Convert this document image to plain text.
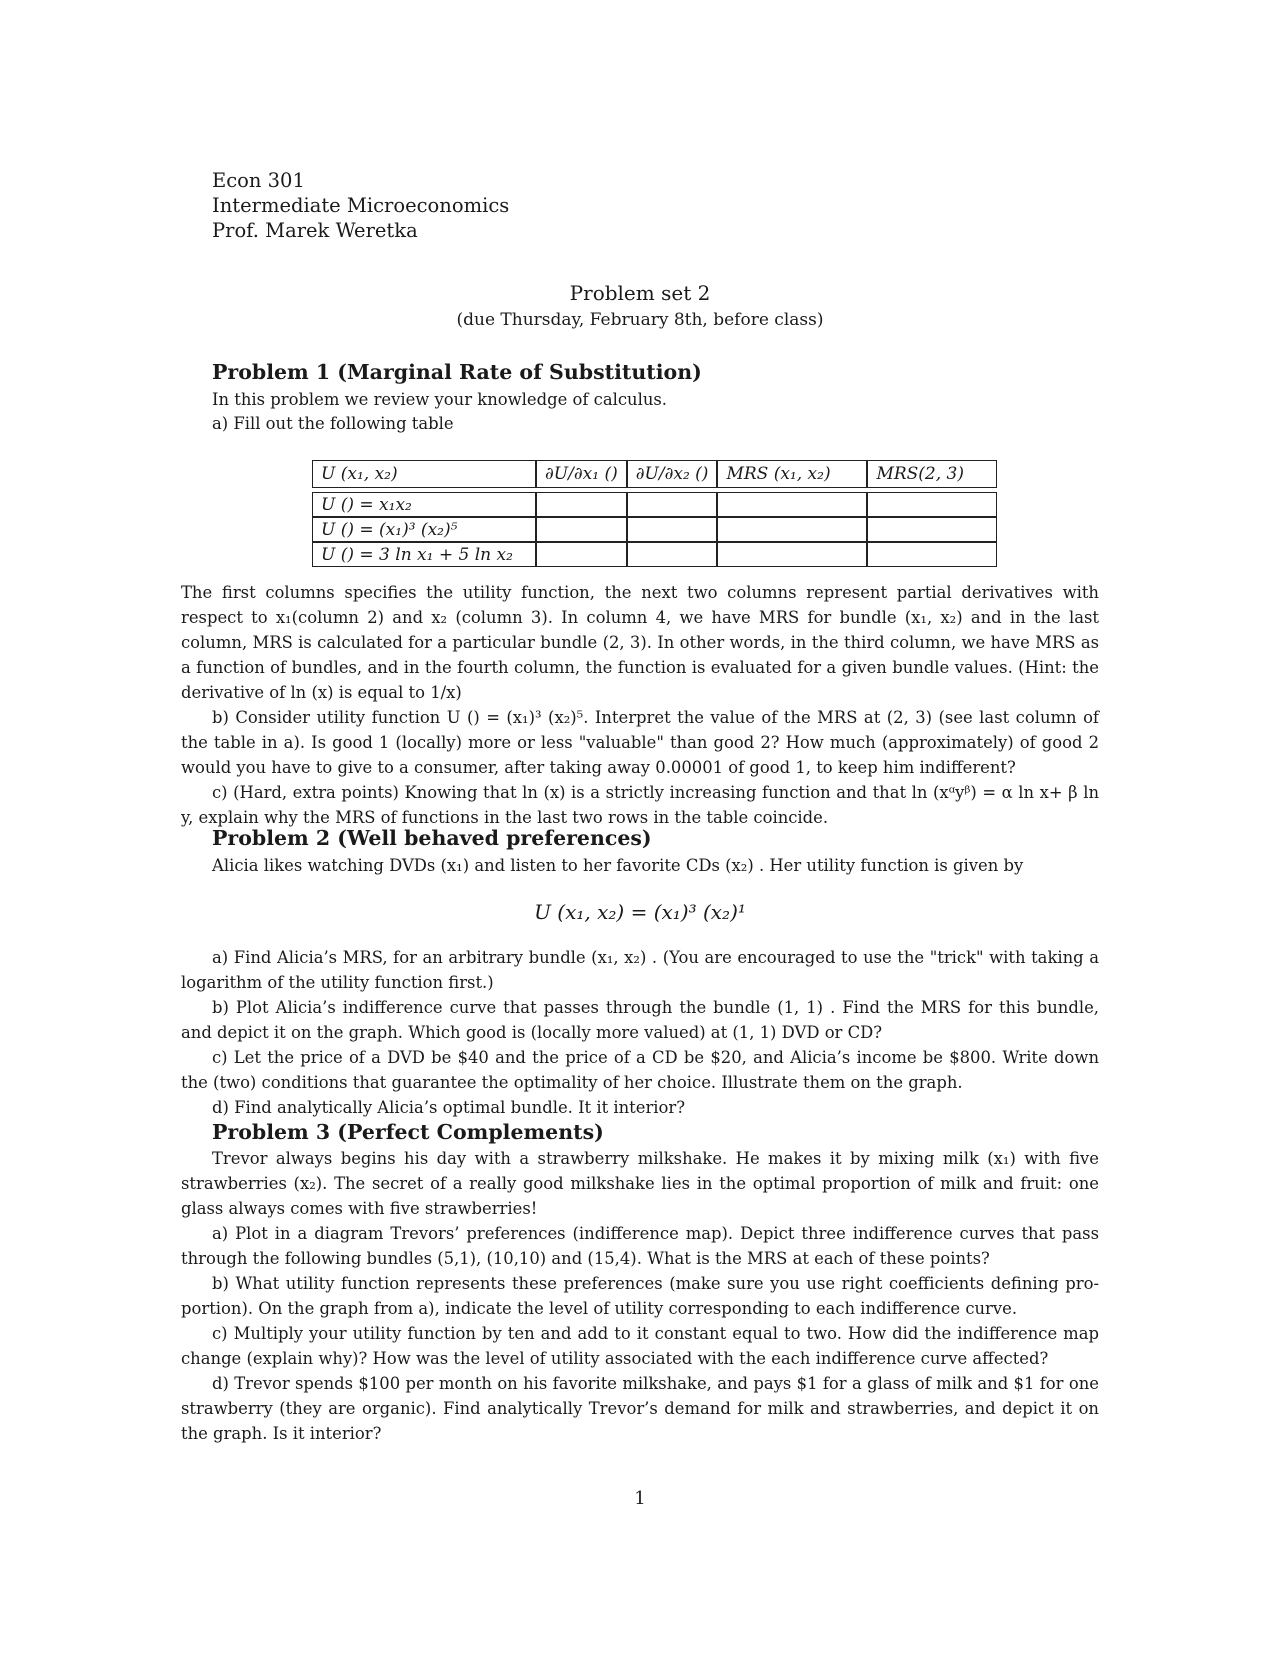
Econ 301
Intermediate Microeconomics
Prof. Marek Weretka
Problem set 2
(due Thursday, February 8th, before class)
Problem 1 (Marginal Rate of Substitution)
In this problem we review your knowledge of calculus.
a) Fill out the following table
U (x₁, x₂)	∂U/∂x₁ ()	∂U/∂x₂ ()	MRS (x₁, x₂)	MRS(2, 3)

U () = x₁x₂				
U () = (x₁)³ (x₂)⁵				
U () = 3 ln x₁ + 5 ln x₂				
The first columns specifies the utility function, the next two columns represent partial derivatives with respect to x₁(column 2) and x₂ (column 3). In column 4, we have MRS for bundle (x₁, x₂) and in the last column, MRS is calculated for a particular bundle (2, 3). In other words, in the third column, we have MRS as a function of bundles, and in the fourth column, the function is evaluated for a given bundle values. (Hint: the derivative of ln (x) is equal to 1/x)
b) Consider utility function U () = (x₁)³ (x₂)⁵. Interpret the value of the MRS at (2, 3) (see last column of the table in a). Is good 1 (locally) more or less "valuable" than good 2? How much (approximately) of good 2 would you have to give to a consumer, after taking away 0.00001 of good 1, to keep him indifferent?
c) (Hard, extra points) Knowing that ln (x) is a strictly increasing function and that ln (xᵅyᵝ) = α ln x+ β ln y, explain why the MRS of functions in the last two rows in the table coincide.
Problem 2 (Well behaved preferences)
Alicia likes watching DVDs (x₁) and listen to her favorite CDs (x₂) . Her utility function is given by
U (x₁, x₂) = (x₁)³ (x₂)¹
a) Find Alicia’s MRS, for an arbitrary bundle (x₁, x₂) . (You are encouraged to use the "trick" with taking a logarithm of the utility function first.)
b) Plot Alicia’s indifference curve that passes through the bundle (1, 1) . Find the MRS for this bundle, and depict it on the graph. Which good is (locally more valued) at (1, 1) DVD or CD?
c) Let the price of a DVD be $40 and the price of a CD be $20, and Alicia’s income be $800. Write down the (two) conditions that guarantee the optimality of her choice. Illustrate them on the graph.
d) Find analytically Alicia’s optimal bundle. It it interior?
Problem 3 (Perfect Complements)
Trevor always begins his day with a strawberry milkshake. He makes it by mixing milk (x₁) with five strawberries (x₂). The secret of a really good milkshake lies in the optimal proportion of milk and fruit: one glass always comes with five strawberries!
a) Plot in a diagram Trevors’ preferences (indifference map). Depict three indifference curves that pass through the following bundles (5,1), (10,10) and (15,4). What is the MRS at each of these points?
b) What utility function represents these preferences (make sure you use right coefficients defining pro- portion). On the graph from a), indicate the level of utility corresponding to each indifference curve.
c) Multiply your utility function by ten and add to it constant equal to two. How did the indifference map change (explain why)? How was the level of utility associated with the each indifference curve affected?
d) Trevor spends $100 per month on his favorite milkshake, and pays $1 for a glass of milk and $1 for one strawberry (they are organic). Find analytically Trevor’s demand for milk and strawberries, and depict it on the graph. Is it interior?
1
